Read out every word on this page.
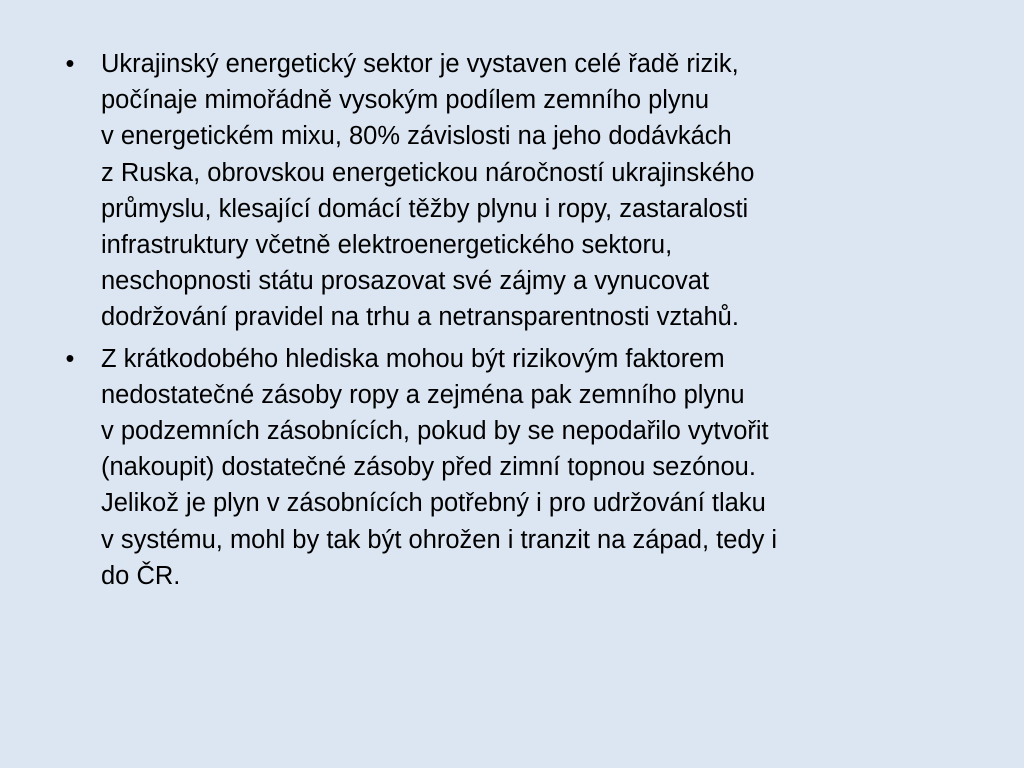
• Ukrajinský energetický sektor je vystaven celé řadě rizik,
počínaje mimořádně vysokým podílem zemního plynu
v energetickém mixu, 80% závislosti na jeho dodávkách
z Ruska, obrovskou energetickou náročností ukrajinského
průmyslu, klesající domácí těžby plynu i ropy, zastaralosti
infrastruktury včetně elektroenergetického sektoru,
neschopnosti státu prosazovat své zájmy a vynucovat
dodržování pravidel na trhu a netransparentnosti vztahů.
• Z krátkodobého hlediska mohou být rizikovým faktorem
nedostatečné zásoby ropy a zejména pak zemního plynu
v podzemních zásobnících, pokud by se nepodařilo vytvořit
(nakoupit) dostatečné zásoby před zimní topnou sezónou.
Jelikož je plyn v zásobnících potřebný i pro udržování tlaku
v systému, mohl by tak být ohrožen i tranzit na západ, tedy i
do ČR.
